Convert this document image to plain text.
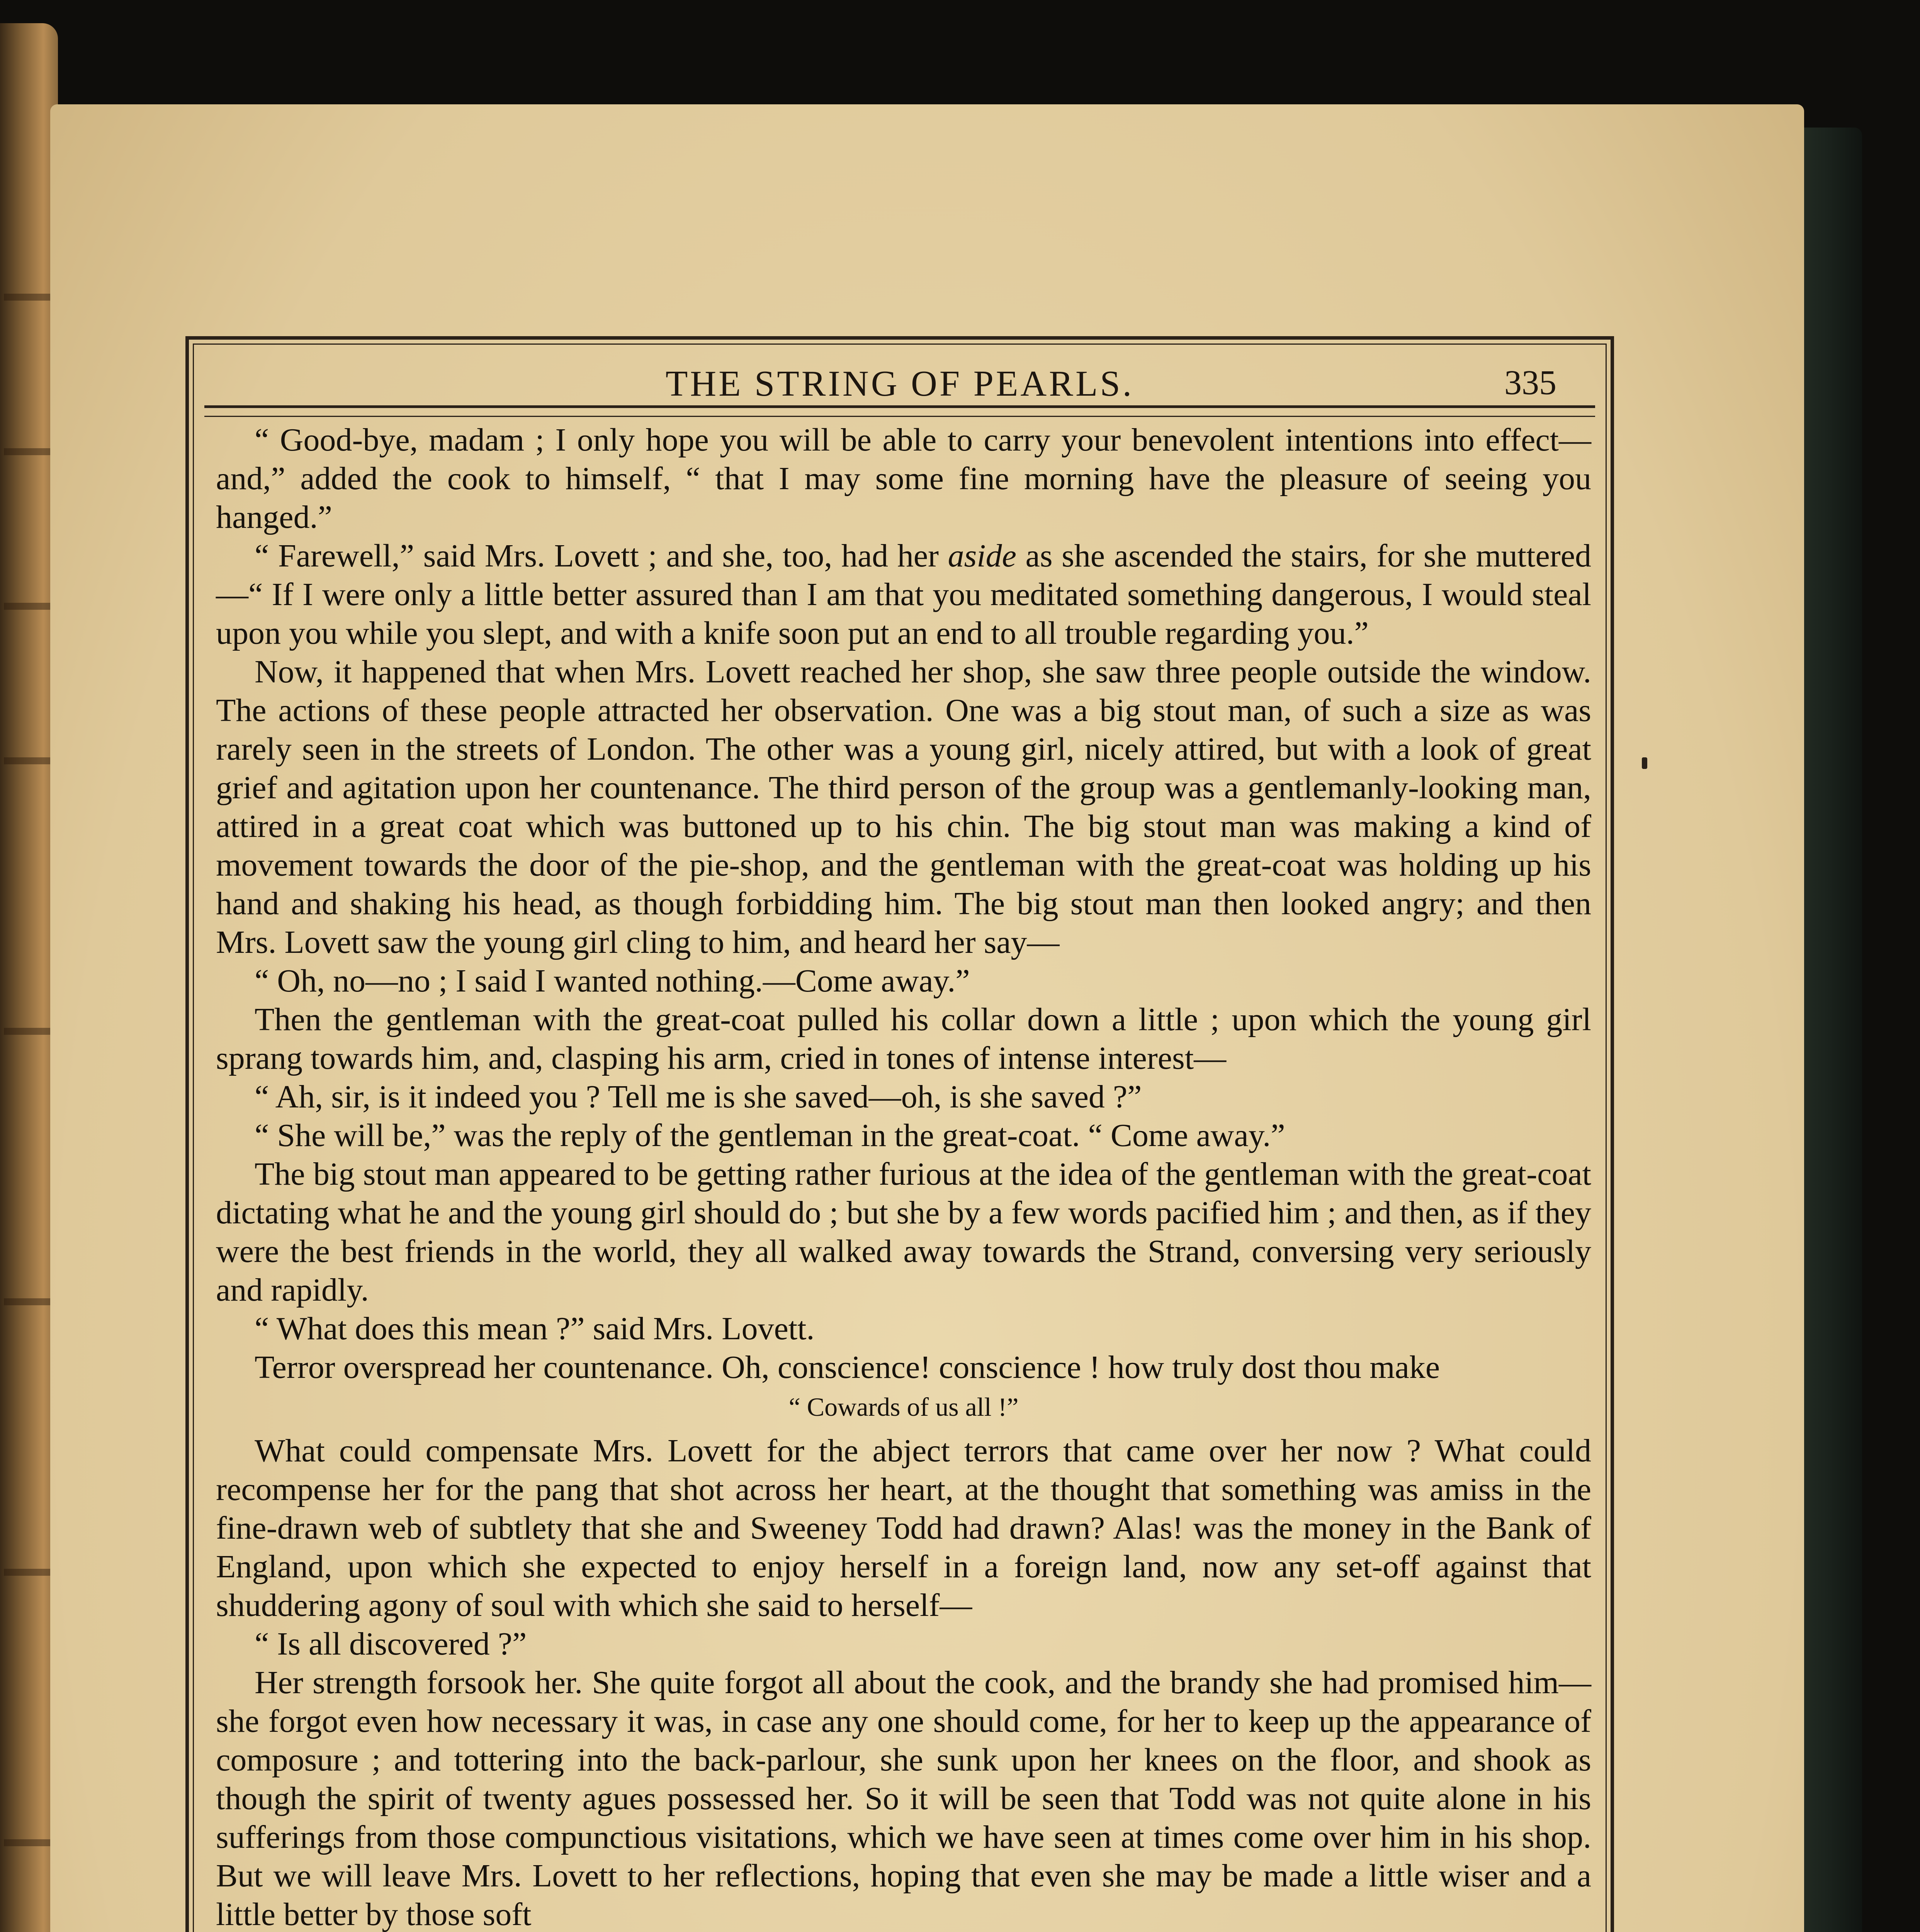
THE STRING OF PEARLS.	335

“ Good-bye, madam ; I only hope you will be able to carry your benevolent intentions into effect—and,” added the cook to himself, “ that I may some fine morning have the pleasure of seeing you hanged.”

“ Farewell,” said Mrs. Lovett ; and she, too, had her aside as she ascended the stairs, for she muttered—“ If I were only a little better assured than I am that you meditated something dangerous, I would steal upon you while you slept, and with a knife soon put an end to all trouble regarding you.”

Now, it happened that when Mrs. Lovett reached her shop, she saw three people outside the window. The actions of these people attracted her observation. One was a big stout man, of such a size as was rarely seen in the streets of London. The other was a young girl, nicely attired, but with a look of great grief and agitation upon her countenance. The third person of the group was a gentlemanly-looking man, attired in a great coat which was buttoned up to his chin. The big stout man was making a kind of movement towards the door of the pie-shop, and the gentleman with the great-coat was holding up his hand and shaking his head, as though forbidding him. The big stout man then looked angry; and then Mrs. Lovett saw the young girl cling to him, and heard her say—

“ Oh, no—no ; I said I wanted nothing.—Come away.”

Then the gentleman with the great-coat pulled his collar down a little ; upon which the young girl sprang towards him, and, clasping his arm, cried in tones of intense interest—

“ Ah, sir, is it indeed you ? Tell me is she saved—oh, is she saved ?”

“ She will be,” was the reply of the gentleman in the great-coat. “ Come away.”

The big stout man appeared to be getting rather furious at the idea of the gentleman with the great-coat dictating what he and the young girl should do ; but she by a few words pacified him ; and then, as if they were the best friends in the world, they all walked away towards the Strand, conversing very seriously and rapidly.

“ What does this mean ?” said Mrs. Lovett.

Terror overspread her countenance. Oh, conscience! conscience ! how truly dost thou make

“ Cowards of us all !”

What could compensate Mrs. Lovett for the abject terrors that came over her now ? What could recompense her for the pang that shot across her heart, at the thought that something was amiss in the fine-drawn web of subtlety that she and Sweeney Todd had drawn? Alas! was the money in the Bank of England, upon which she expected to enjoy herself in a foreign land, now any set-off against that shuddering agony of soul with which she said to herself—

“ Is all discovered ?”

Her strength forsook her. She quite forgot all about the cook, and the brandy she had promised him—she forgot even how necessary it was, in case any one should come, for her to keep up the appearance of composure ; and tottering into the back-parlour, she sunk upon her knees on the floor, and shook as though the spirit of twenty agues possessed her. So it will be seen that Todd was not quite alone in his sufferings from those compunctious visitations, which we have seen at times come over him in his shop. But we will leave Mrs. Lovett to her reflections, hoping that even she may be made a little wiser and a little better by those soft
